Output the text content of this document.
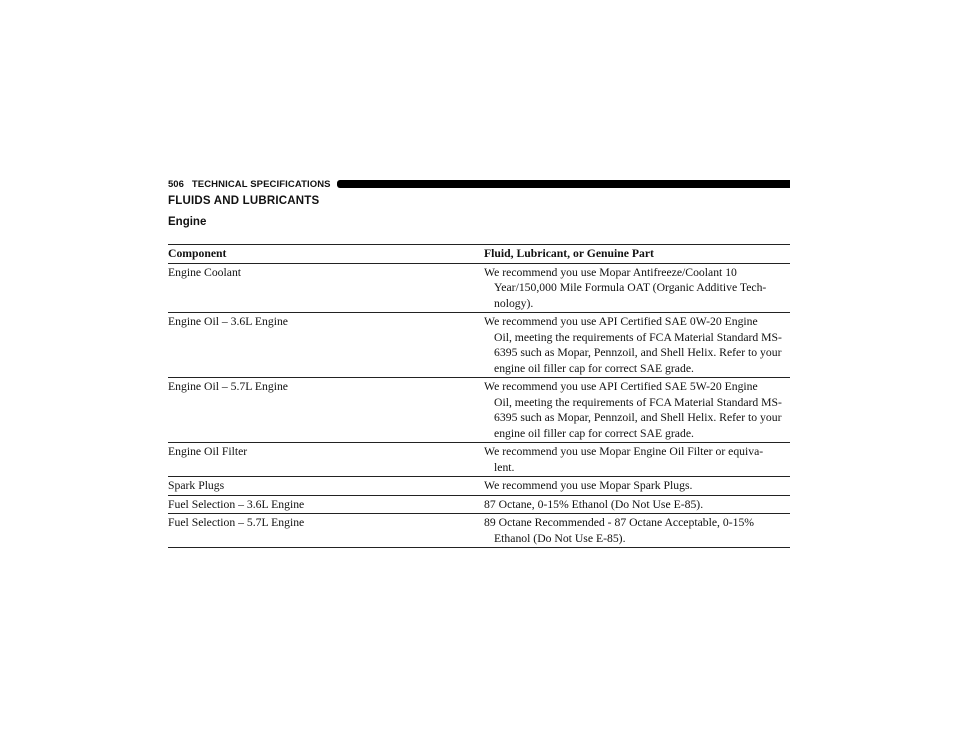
506 TECHNICAL SPECIFICATIONS
FLUIDS AND LUBRICANTS
Engine
Component	Fluid, Lubricant, or Genuine Part
Engine Coolant	We recommend you use Mopar Antifreeze/Coolant 10
Year/150,000 Mile Formula OAT (Organic Additive Tech-nology).

Engine Oil – 3.6L Engine	We recommend you use API Certified SAE 0W-20 Engine
Oil, meeting the requirements of FCA Material Standard MS-6395 such as Mopar, Pennzoil, and Shell Helix. Refer to your engine oil filler cap for correct SAE grade.

Engine Oil – 5.7L Engine	We recommend you use API Certified SAE 5W-20 Engine
Oil, meeting the requirements of FCA Material Standard MS-6395 such as Mopar, Pennzoil, and Shell Helix. Refer to your engine oil filler cap for correct SAE grade.

Engine Oil Filter	We recommend you use Mopar Engine Oil Filter or equiva-
lent.

Spark Plugs	We recommend you use Mopar Spark Plugs.

Fuel Selection – 3.6L Engine	87 Octane, 0-15% Ethanol (Do Not Use E-85).

Fuel Selection – 5.7L Engine	89 Octane Recommended - 87 Octane Acceptable, 0-15%
Ethanol (Do Not Use E-85).
